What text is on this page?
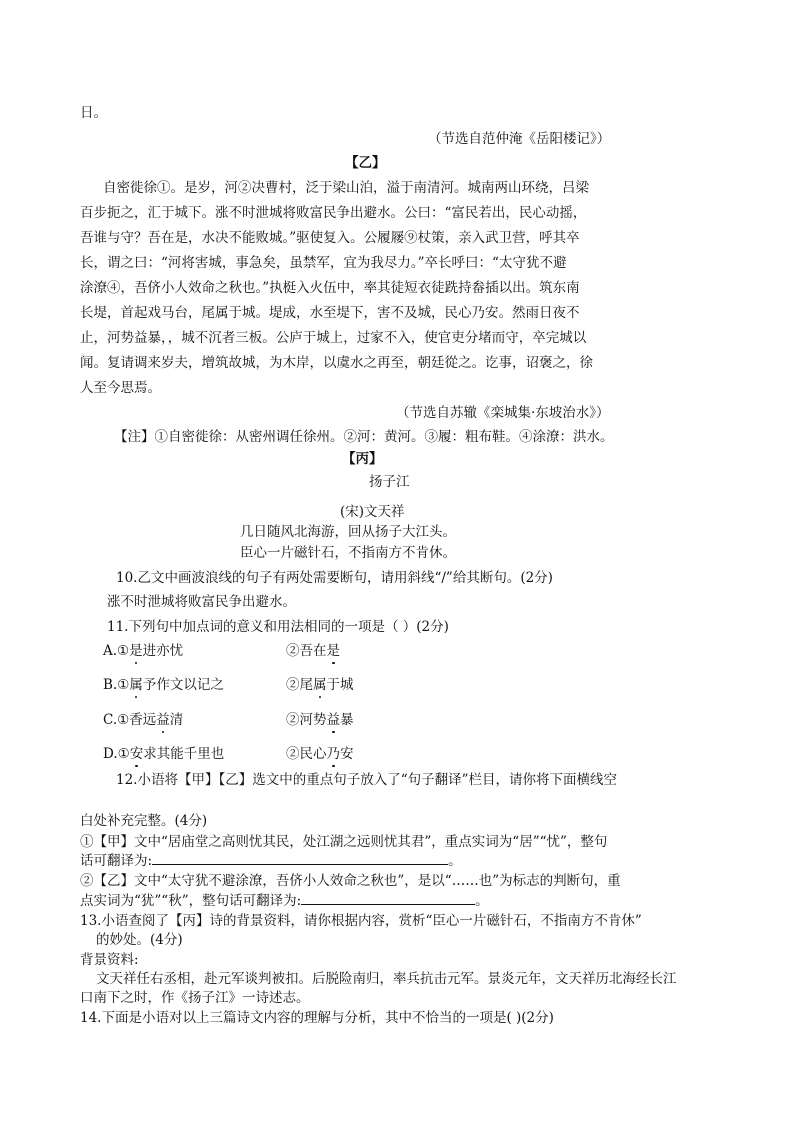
日。
（节选自范仲淹《岳阳楼记》）
【乙】
自密徙徐①。是岁，河②决曹村，泛于梁山泊，溢于南清河。城南两山环绕，吕梁
百步扼之，汇于城下。涨不时泄城将败富民争出避水。公曰：“富民若出，民心动摇，
吾谁与守？吾在是，水决不能败城。”驱使复入。公履屦⑨杖策，亲入武卫营，呼其卒
长，谓之曰：“河将害城，事急矣，虽禁军，宜为我尽力。”卒长呼曰：“太守犹不避
涂潦④，吾侪小人效命之秋也。”执梃入火伍中，率其徒短衣徒跣持畚插以出。筑东南
长堤，首起戏马台，尾属于城。堤成，水至堤下，害不及城，民心乃安。然雨日夜不
止，河势益暴，，城不沉者三板。公庐于城上，过家不入，使官吏分堵而守，卒完城以
闻。复请调来岁夫，增筑故城，为木岸，以虞水之再至，朝廷從之。讫事，诏褒之，徐
人至今思焉。
（节选自苏辙《栾城集·东坡治水》）
【注】①自密徙徐：从密州调任徐州。②河：黄河。③履：粗布鞋。④涂潦：洪水。
【丙】
扬子江
(宋)文天祥
几日随风北海游，回从扬子大江头。
臣心一片磁针石，不指南方不肯休。
10.乙文中画波浪线的句子有两处需要断句，请用斜线“/”给其断句。(2分)
涨不时泄城将败富民争出避水。
11.下列句中加点词的意义和用法相同的一项是（ ）(2分)
A.①是进亦忧	②吾在是
B.①属予作文以记之	②尾属于城
C.①香远益清	②河势益暴
D.①安求其能千里也	②民心乃安
12.小语将【甲】【乙】选文中的重点句子放入了“句子翻译”栏目，请你将下面横线空
白处补充完整。(4分)
①【甲】文中“居庙堂之高则忧其民，处江湖之远则忧其君”，重点实词为“居”“忧”，整句
话可翻译为:	。
②【乙】文中“太守犹不避涂潦，吾侪小人效命之秋也”，是以“……也”为标志的判断句，重
点实词为“犹”“秋”，整句话可翻译为:	。
13.小语查阅了【丙】诗的背景资料，请你根据内容，赏析“臣心一片磁针石，不指南方不肯休”
的妙处。(4分)
背景资料:
文天祥任右丞相，赴元军谈判被扣。后脱险南归，率兵抗击元军。景炎元年，文天祥历北海经长江
口南下之时，作《扬子江》一诗述志。
14.下面是小语对以上三篇诗文内容的理解与分析，其中不恰当的一项是( )(2分)
